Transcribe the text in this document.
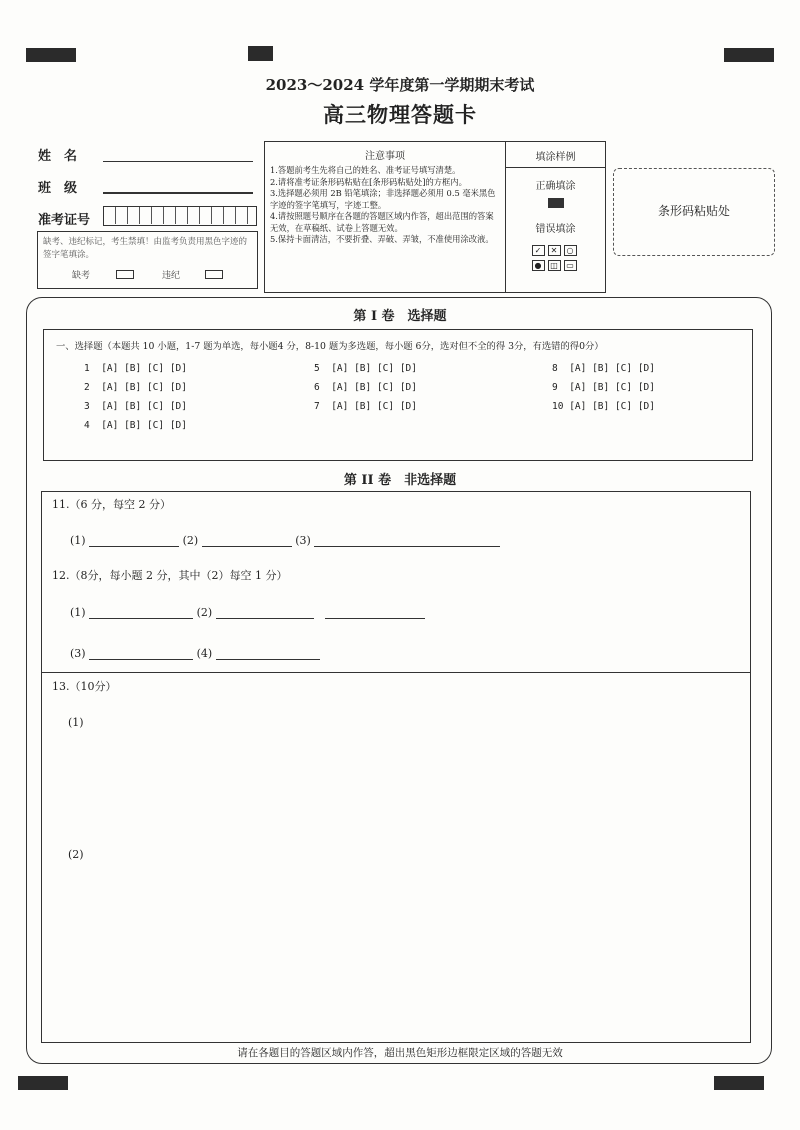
2023～2024 学年度第一学期期末考试
高三物理答题卡
姓　名
班　级
准考证号
缺考、违纪标记，考生禁填！由监考负责用黑色字迹的签字笔填涂。
缺考	违纪
注意事项
1.答题前考生先将自己的姓名、准考证号填写清楚。
2.请将准考证条形码粘贴在[条形码粘贴处]的方框内。
3.选择题必须用 2B 铅笔填涂；非选择题必须用 0.5 毫米黑色字迹的签字笔填写，字迹工整。
4.请按照题号顺序在各题的答题区域内作答，超出范围的答案无效，在草稿纸、试卷上答题无效。
5.保持卡面清洁，不要折叠、弄破、弄皱，不准使用涂改液。
填涂样例
正确填涂
错误填涂
✓ ✕ ○
● ◫ ▭
条形码粘贴处
第 I 卷　选择题
一、选择题（本题共 10 小题，1-7 题为单选，每小题4 分，8-10 题为多选题，每小题 6分，选对但不全的得 3分，有选错的得0分）
1 [A] [B] [C] [D]
2 [A] [B] [C] [D]
3 [A] [B] [C] [D]
4 [A] [B] [C] [D]
5 [A] [B] [C] [D]
6 [A] [B] [C] [D]
7 [A] [B] [C] [D]
8 [A] [B] [C] [D]
9 [A] [B] [C] [D]
10 [A] [B] [C] [D]
第 II 卷　非选择题
11.（6 分，每空 2 分）
(1)	(2)	(3)
12.（8分，每小题 2 分，其中（2）每空 1 分）
(1)	(2)
(3)	(4)
13.（10分）
(1)
(2)
请在各题目的答题区域内作答，超出黑色矩形边框限定区域的答题无效
